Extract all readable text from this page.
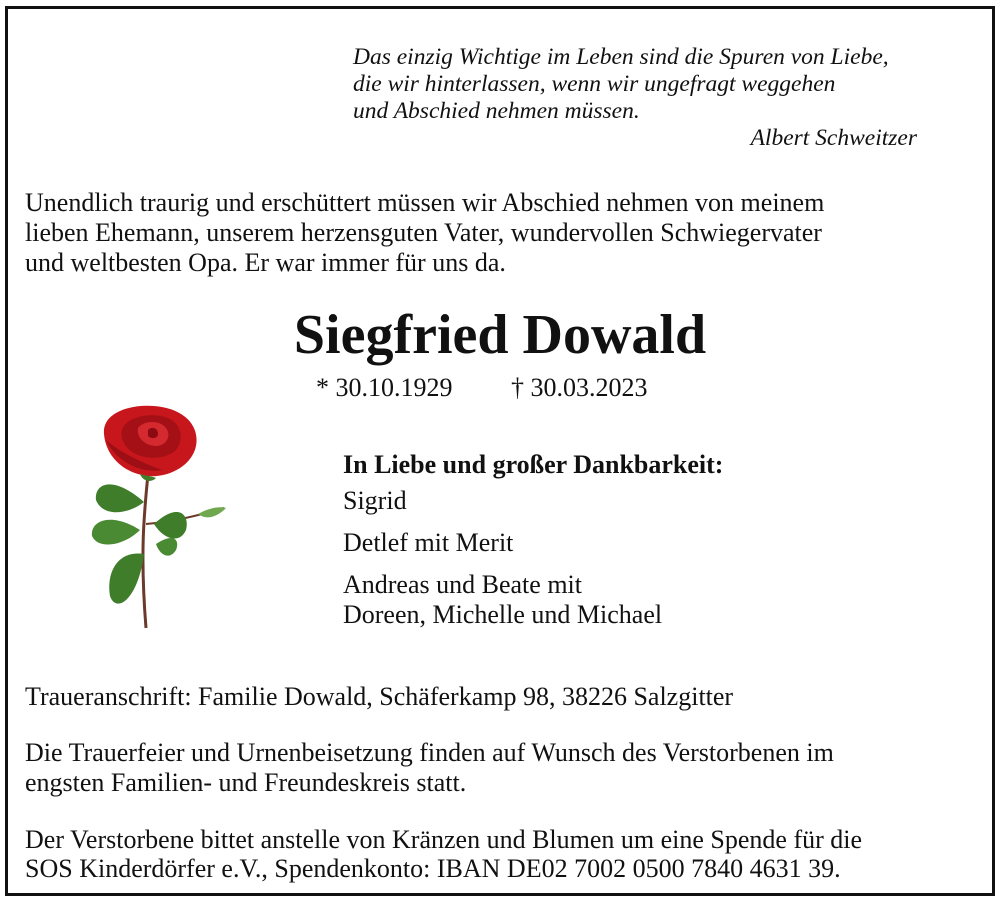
Das einzig Wichtige im Leben sind die Spuren von Liebe,
die wir hinterlassen, wenn wir ungefragt weggehen
und Abschied nehmen müssen.
Albert Schweitzer
Unendlich traurig und erschüttert müssen wir Abschied nehmen von meinem
lieben Ehemann, unserem herzensguten Vater, wundervollen Schwiegervater
und weltbesten Opa. Er war immer für uns da.
Siegfried Dowald
* 30.10.1929 † 30.03.2023
In Liebe und großer Dankbarkeit:
Sigrid
Detlef mit Merit
Andreas und Beate mit
Doreen, Michelle und Michael
Traueranschrift: Familie Dowald, Schäferkamp 98, 38226 Salzgitter
Die Trauerfeier und Urnenbeisetzung finden auf Wunsch des Verstorbenen im
engsten Familien- und Freundeskreis statt.
Der Verstorbene bittet anstelle von Kränzen und Blumen um eine Spende für die
SOS Kinderdörfer e.V., Spendenkonto: IBAN DE02 7002 0500 7840 4631 39.
